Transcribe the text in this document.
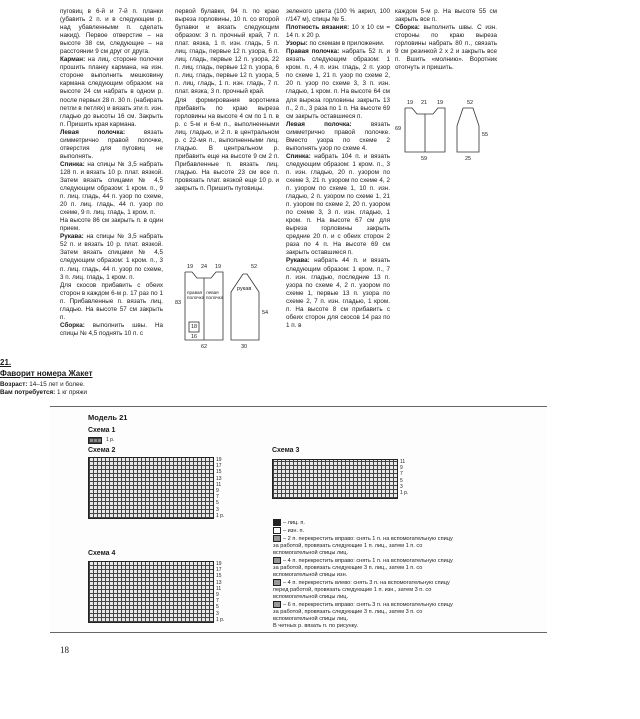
пуговиц в 6-й и 7-й п. планки (убавить 2 п. и в следующем р. над убавленными п. сделать накид). Первое отверстие – на высоте 38 см, следующие – на расстоянии 9 см друг от друга.

Карман: на лиц. стороне полочки прошить планку кармана, на изн. стороне выполнить мешковину кармана следующим образом: на высоте 24 см набрать в одном р. после первых 28 п. 30 п. (набирать петли в петлях) и вязать эти п. изн. гладью до высоты 16 см. Закрыть п. Пришить края кармана.

Левая полочка: вязать симметрично правой полочке, отверстия для пуговиц не выполнять.

Спинка: на спицы № 3,5 набрать 128 п. и вязать 10 р. плат. вязкой. Затем вязать спицами № 4,5 следующим образом: 1 кром. п., 9 п. лиц. гладь, 44 п. узор по схеме, 20 п. лиц. гладь, 44 п. узор по схеме, 9 п. лиц. гладь, 1 кром. п.

На высоте 86 см закрыть п. в один прием.

Рукава: на спицы № 3,5 набрать 52 п. и вязать 10 р. плат. вязкой. Затем вязать спицами № 4,5 следующим образом: 1 кром. п., 3 п. лиц. гладь, 44 п. узор по схеме, 3 п. лиц. гладь, 1 кром. п.

Для скосов прибавить с обеих сторон в каждом 6-м р. 17 раз по 1 п. Прибавленные п. вязать лиц. гладью. На высоте 57 см закрыть п.

Сборка: выполнить швы. На спицы № 4,5 поднять 10 п. с

первой булавки, 94 п. по краю выреза горловины, 10 п. со второй булавки и вязать следующим образом: 3 п. прочный край, 7 п. плат. вязка, 1 п. изн. гладь, 5 п. лиц. гладь, первые 12 п. узора, 6 п. лиц. гладь, первые 12 п. узора, 22 п. лиц. гладь, первые 12 п. узора, 6 п. лиц. гладь, первые 12 п. узора, 5 п. лиц. гладь, 1 п. изн. гладь, 7 п. плат. вязка, 3 п. прочный край.

Для формирования воротника прибавить по краю выреза горловины на высоте 4 см по 1 п. в р. с 5-м и 6-м п., выполненными лиц. гладью, и 2 п. в центральном р. с 22-мя п., выполненными лиц. гладью. В центральном р. прибавить еще на высоте 9 см 2 п. Прибавленные п. вязать лиц. гладью. На высоте 23 см все п. провязать плат. вязкой еще 10 р. и закрыть п. Пришить пуговицы.

19 24 19	52
83
54
правая полочка
левая полочка
рукав
18
16
62	30

21.

Фаворит номера Жакет

Возраст: 14–15 лет и более.

Вам потребуется: 1 кг пряжи

зеленого цвета (100 % акрил, 100 г/147 м), спицы № 5.

Плотность вязания: 10 x 10 см = 14 п. x 20 р.

Узоры: по схемам в приложении.

Правая полочка: набрать 52 п. и вязать следующим образом: 1 кром. п., 4 п. изн. гладь, 2 п. узор по схеме 1, 21 п. узор по схеме 2, 20 п. узор по схеме 3, 3 п. изн. гладью, 1 кром. п. На высоте 64 см для выреза горловины закрыть 13 п., 2 п., 3 раза по 1 п. На высоте 69 см закрыть оставшиеся п.

Левая полочка: вязать симметрично правой полочке. Вместо узора по схеме 2 выполнять узор по схеме 4.

Спинка: набрать 104 п. и вязать следующим образом: 1 кром. п., 3 п. изн. гладью, 20 п. узором по схеме 3, 21 п. узором по схеме 4, 2 п. узором по схеме 1, 10 п. изн. гладью, 2 п. узором по схеме 1, 21 п. узором по схеме 2, 20 п. узором по схеме 3, 3 п. изн. гладью, 1 кром. п. На высоте 67 см для выреза горловины закрыть средние 20 п. и с обеих сторон 2 раза по 4 п. На высоте 69 см закрыть оставшиеся п.

Рукава: набрать 44 п. и вязать следующим образом: 1 кром. п., 7 п. изн. гладью, последние 13 п. узора по схеме 4, 2 п. узором по схеме 1, первые 13 п. узора по схеме 2, 7 п. изн. гладью, 1 кром. п. На высоте 8 см прибавить с обеих сторон для скосов 14 раз по 1 п. в

каждом 5-м р. На высоте 55 см закрыть все п.

Сборка: выполнить швы. С изн. стороны по краю выреза горловины набрать 80 п., связать 9 см резинкой 2 x 2 и закрыть все п. Вшить «молнию». Воротник отогнуть и пришить.

19 21 19	52
69
55
59	25
Модель 21
Схема 1
1 р.
Схема 2
19
17
15
13
11
9
7
5
3
1 р.
Схема 3
11
9
7
5
3
1 р.
Схема 4
19
17
15
13
11
9
7
5
3
1 р.

– лиц. п.

– изн. п.

– 2 п. перекрестить вправо: снять 1 п. на вспомогательную спицу за работой, провязать следующие 1 п. лиц., затем 1 п. со вспомогательной спицы лиц.

– 4 п. перекрестить вправо: снять 1 п. на вспомогательную спицу за работой, провязать следующие 3 п. лиц., затем 1 п. со вспомогательной спицы изн.

– 4 п. перекрестить влево: снять 3 п. на вспомогательную спицу перед работой, провязать следующие 1 п. изн., затем 3 п. со вспомогательной спицы лиц.

– 6 п. перекрестить вправо: снять 3 п. на вспомогательную спицу за работой, провязать следующие 3 п. лиц., затем 3 п. со вспомогательной спицы лиц.

В четных р. вязать п. по рисунку.

18
